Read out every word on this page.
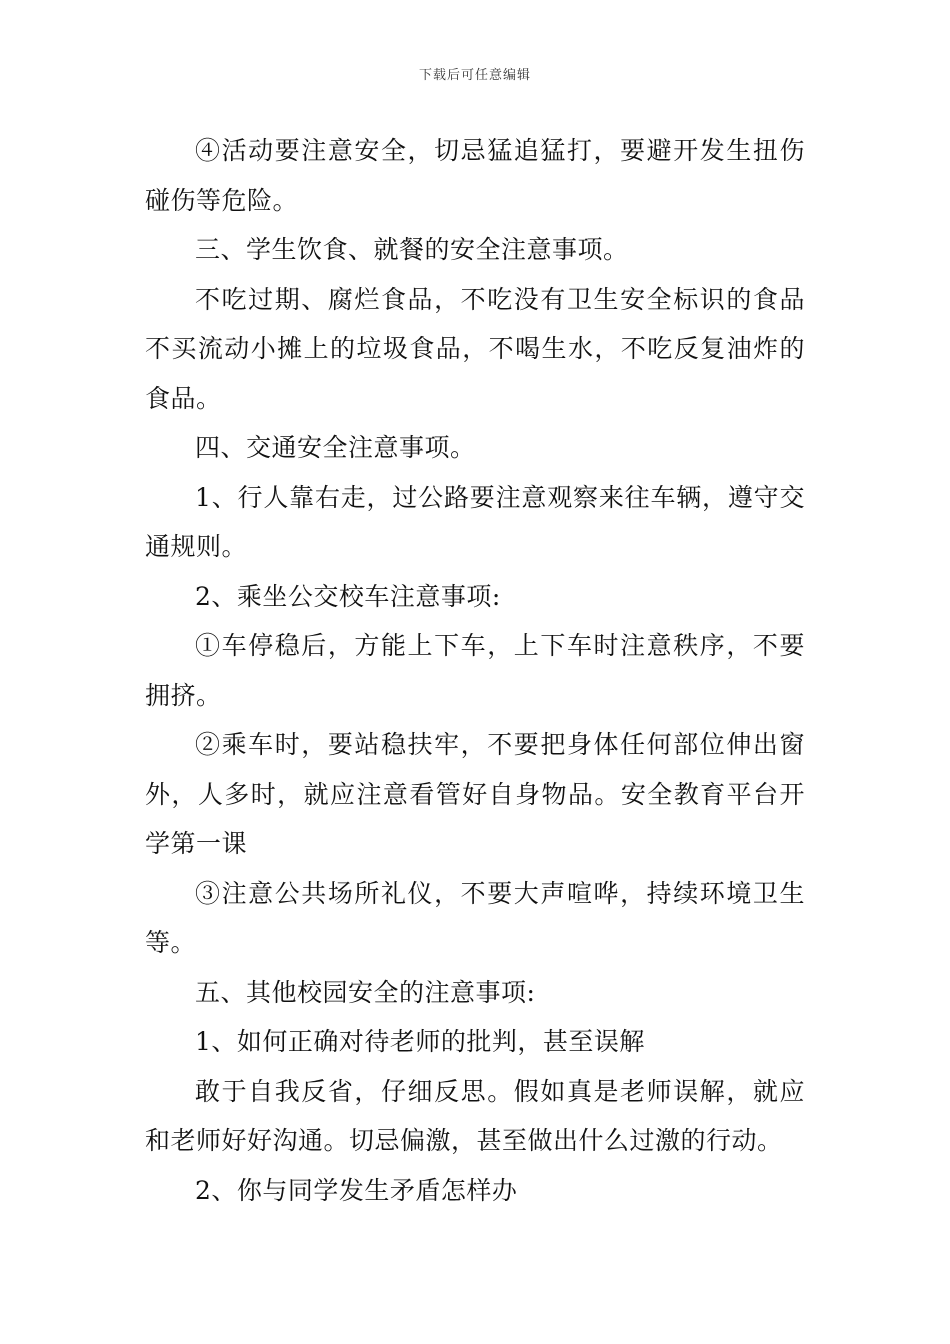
下载后可任意编辑

④活动要注意安全，切忌猛追猛打，要避开发生扭伤碰伤等危险。

三、学生饮食、就餐的安全注意事项。

不吃过期、腐烂食品，不吃没有卫生安全标识的食品不买流动小摊上的垃圾食品，不喝生水，不吃反复油炸的食品。

四、交通安全注意事项。

1、行人靠右走，过公路要注意观察来往车辆，遵守交通规则。

2、乘坐公交校车注意事项:

①车停稳后，方能上下车，上下车时注意秩序，不要拥挤。

②乘车时，要站稳扶牢，不要把身体任何部位伸出窗外，人多时，就应注意看管好自身物品。安全教育平台开学第一课

③注意公共场所礼仪，不要大声喧哗，持续环境卫生等。

五、其他校园安全的注意事项:

1、如何正确对待老师的批判，甚至误解

敢于自我反省，仔细反思。假如真是老师误解，就应和老师好好沟通。切忌偏激，甚至做出什么过激的行动。

2、你与同学发生矛盾怎样办
